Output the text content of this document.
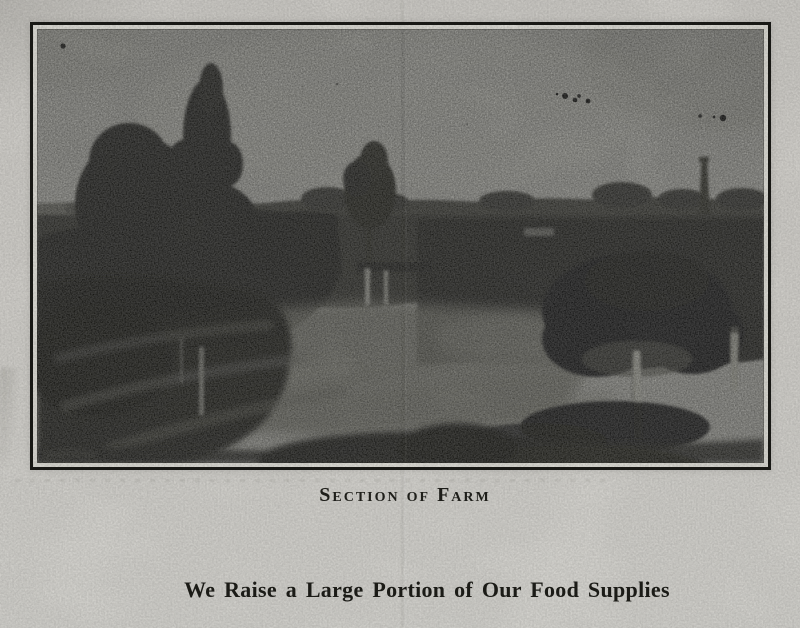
Section of Farm
We Raise a Large Portion of Our Food Supplies
